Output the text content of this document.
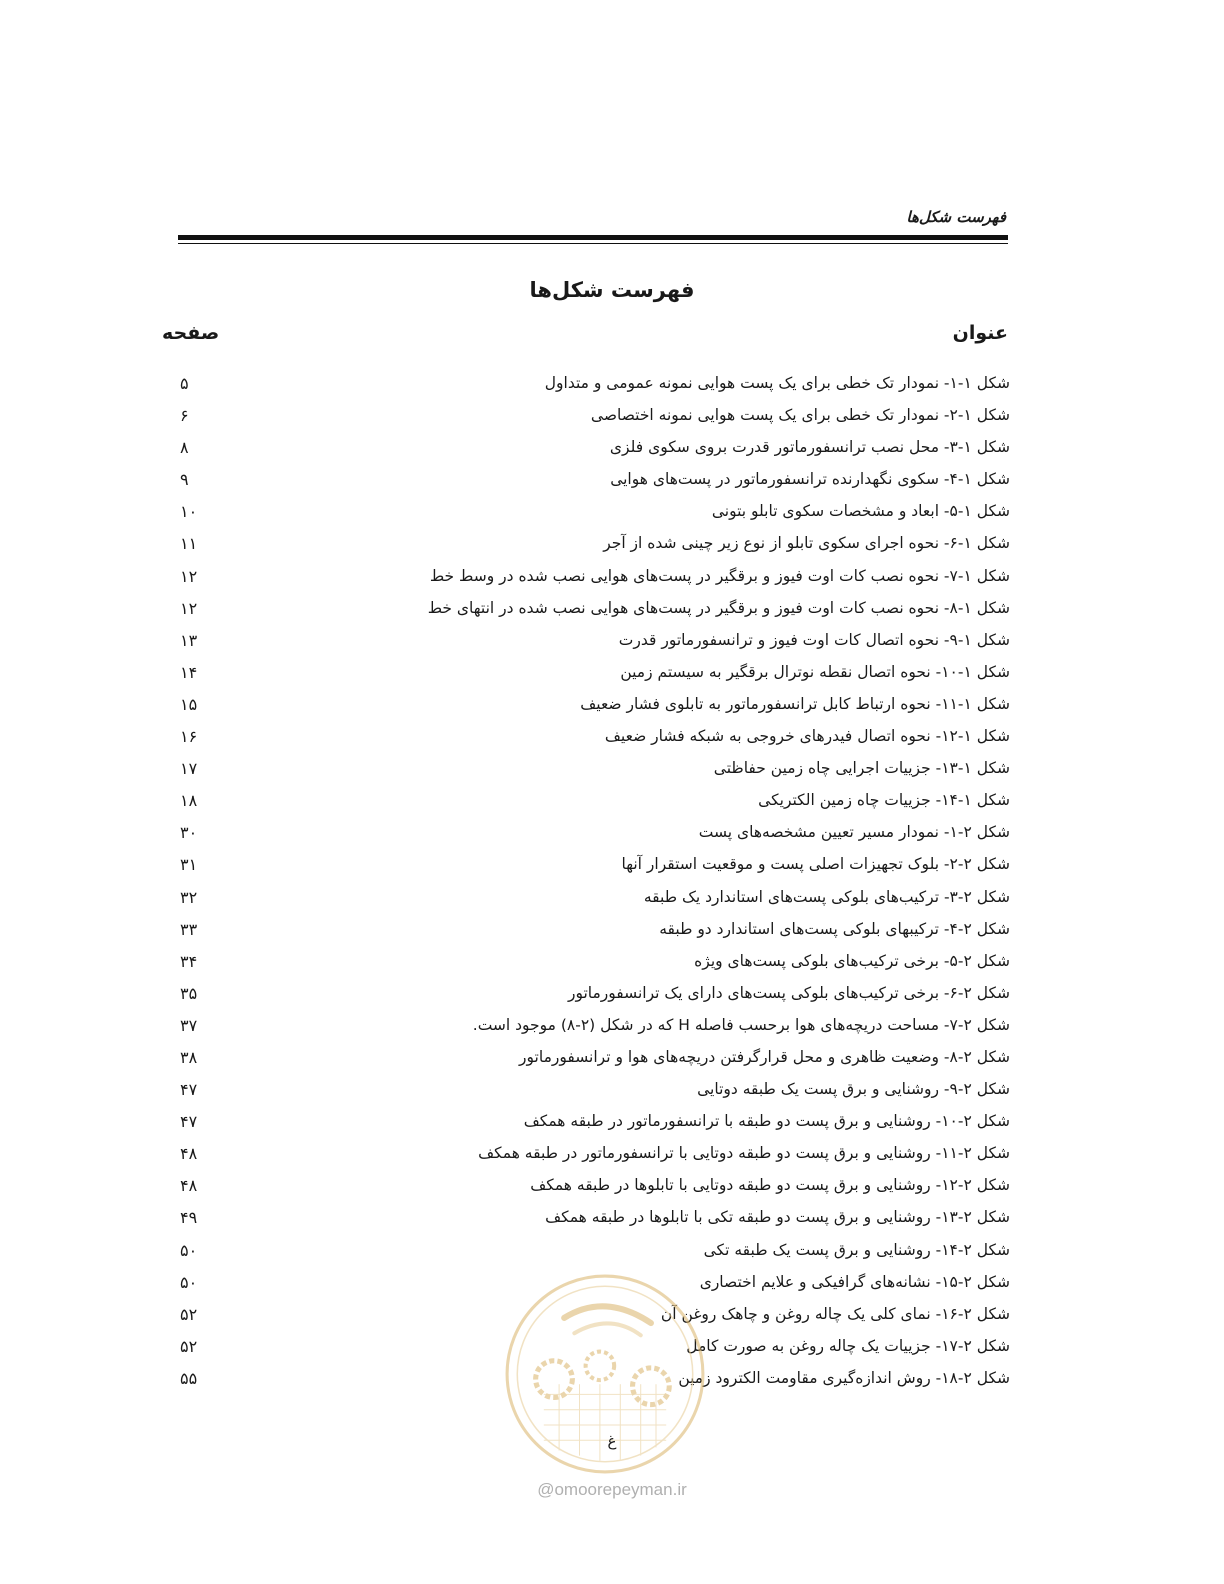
فهرست شکل‌ها
فهرست شکل‌ها
عنوان
صفحه
شکل ۱-۱- نمودار تک خطی برای یک پست هوایی نمونه عمومی و متداول
۵
شکل ۱-۲- نمودار تک خطی برای یک پست هوایی نمونه اختصاصی
۶
شکل ۱-۳- محل نصب ترانسفورماتور قدرت بروی سکوی فلزی
۸
شکل ۱-۴- سکوی نگهدارنده ترانسفورماتور در پست‌های هوایی
۹
شکل ۱-۵- ابعاد و مشخصات سکوی تابلو بتونی
۱۰
شکل ۱-۶- نحوه اجرای سکوی تابلو از نوع زیر چینی شده از آجر
۱۱
شکل ۱-۷- نحوه نصب کات اوت فیوز و برقگیر در پست‌های هوایی نصب شده در وسط خط
۱۲
شکل ۱-۸- نحوه نصب کات اوت فیوز و برقگیر در پست‌های هوایی نصب شده در انتهای خط
۱۲
شکل ۱-۹- نحوه اتصال کات اوت فیوز و ترانسفورماتور قدرت
۱۳
شکل ۱-۱۰- نحوه اتصال نقطه نوترال برقگیر به سیستم زمین
۱۴
شکل ۱-۱۱- نحوه ارتباط کابل ترانسفورماتور به تابلوی فشار ضعیف
۱۵
شکل ۱-۱۲- نحوه اتصال فیدرهای خروجی به شبکه فشار ضعیف
۱۶
شکل ۱-۱۳- جزییات اجرایی چاه زمین حفاظتی
۱۷
شکل ۱-۱۴- جزییات چاه زمین الکتریکی
۱۸
شکل ۲-۱- نمودار مسیر تعیین مشخصه‌های پست
۳۰
شکل ۲-۲- بلوک تجهیزات اصلی پست و موقعیت استقرار آنها
۳۱
شکل ۲-۳- ترکیب‌های بلوکی پست‌های استاندارد یک طبقه
۳۲
شکل ۲-۴- ترکیبهای بلوکی پست‌های استاندارد دو طبقه
۳۳
شکل ۲-۵- برخی ترکیب‌های بلوکی پست‌های ویژه
۳۴
شکل ۲-۶- برخی ترکیب‌های بلوکی پست‌های دارای یک ترانسفورماتور
۳۵
شکل ۲-۷- مساحت دریچه‌های هوا برحسب فاصله H که در شکل (۲-۸) موجود است.
۳۷
شکل ۲-۸- وضعیت ظاهری و محل قرارگرفتن دریچه‌های هوا و ترانسفورماتور
۳۸
شکل ۲-۹- روشنایی و برق پست یک طبقه دوتایی
۴۷
شکل ۲-۱۰- روشنایی و برق پست دو طبقه با ترانسفورماتور در طبقه همکف
۴۷
شکل ۲-۱۱- روشنایی و برق پست دو طبقه دوتایی با ترانسفورماتور در طبقه همکف
۴۸
شکل ۲-۱۲- روشنایی و برق پست دو طبقه دوتایی با تابلوها در طبقه همکف
۴۸
شکل ۲-۱۳- روشنایی و برق پست دو طبقه تکی با تابلوها در طبقه همکف
۴۹
شکل ۲-۱۴- روشنایی و برق پست یک طبقه تکی
۵۰
شکل ۲-۱۵- نشانه‌های گرافیکی و علایم اختصاری
۵۰
شکل ۲-۱۶- نمای کلی یک چاله روغن و چاهک روغن آن
۵۲
شکل ۲-۱۷- جزییات یک چاله روغن به صورت کامل
۵۲
شکل ۲-۱۸- روش اندازه‌گیری مقاومت الکترود زمین
۵۵
غ
@omoorepeyman.ir
